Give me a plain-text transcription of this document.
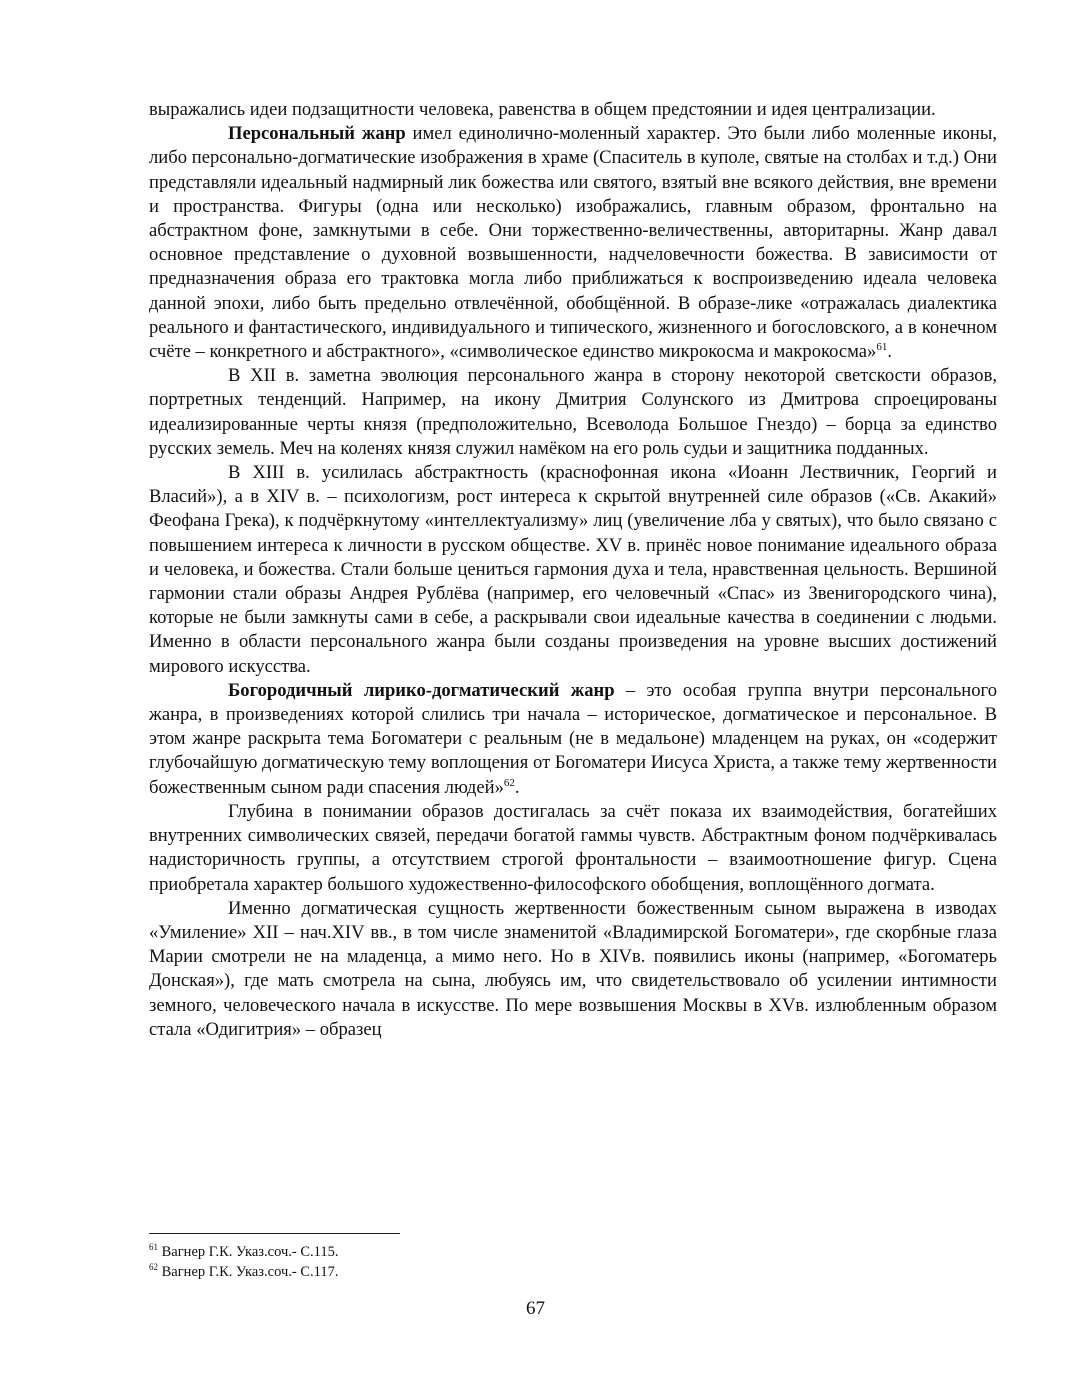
выражались идеи подзащитности человека, равенства в общем предстоянии и идея централизации.

Персональный жанр имел единолично-моленный характер. Это были либо моленные иконы, либо персонально-догматические изображения в храме (Спаситель в куполе, святые на столбах и т.д.) Они представляли идеальный надмирный лик божества или святого, взятый вне всякого действия, вне времени и пространства. Фигуры (одна или несколько) изображались, главным образом, фронтально на абстрактном фоне, замкнутыми в себе. Они торжественно-величественны, авторитарны. Жанр давал основное представление о духовной возвышенности, надчеловечности божества. В зависимости от предназначения образа его трактовка могла либо приближаться к воспроизведению идеала человека данной эпохи, либо быть предельно отвлечённой, обобщённой. В образе-лике «отражалась диалектика реального и фантастического, индивидуального и типического, жизненного и богословского, а в конечном счёте – конкретного и абстрактного», «символическое единство микрокосма и макрокосма»$^{61}$.

В XII в. заметна эволюция персонального жанра в сторону некоторой светскости образов, портретных тенденций. Например, на икону Дмитрия Солунского из Дмитрова спроецированы идеализированные черты князя (предположительно, Всеволода Большое Гнездо) – борца за единство русских земель. Меч на коленях князя служил намёком на его роль судьи и защитника подданных.

В XIII в. усилилась абстрактность (краснофонная икона «Иоанн Лествичник, Георгий и Власий»), а в XIV в. – психологизм, рост интереса к скрытой внутренней силе образов («Св. Акакий» Феофана Грека), к подчёркнутому «интеллектуализму» лиц (увеличение лба у святых), что было связано с повышением интереса к личности в русском обществе. XV в. принёс новое понимание идеального образа и человека, и божества. Стали больше цениться гармония духа и тела, нравственная цельность. Вершиной гармонии стали образы Андрея Рублёва (например, его человечный «Спас» из Звенигородского чина), которые не были замкнуты сами в себе, а раскрывали свои идеальные качества в соединении с людьми. Именно в области персонального жанра были созданы произведения на уровне высших достижений мирового искусства.

Богородичный лирико-догматический жанр – это особая группа внутри персонального жанра, в произведениях которой слились три начала – историческое, догматическое и персональное. В этом жанре раскрыта тема Богоматери с реальным (не в медальоне) младенцем на руках, он «содержит глубочайшую догматическую тему воплощения от Богоматери Иисуса Христа, а также тему жертвенности божественным сыном ради спасения людей»$^{62}$.

Глубина в понимании образов достигалась за счёт показа их взаимодействия, богатейших внутренних символических связей, передачи богатой гаммы чувств. Абстрактным фоном подчёркивалась надисторичность группы, а отсутствием строгой фронтальности – взаимоотношение фигур. Сцена приобретала характер большого художественно-философского обобщения, воплощённого догмата.

Именно догматическая сущность жертвенности божественным сыном выражена в изводах «Умиление» XII – нач.XIV вв., в том числе знаменитой «Владимирской Богоматери», где скорбные глаза Марии смотрели не на младенца, а мимо него. Но в XIVв. появились иконы (например, «Богоматерь Донская»), где мать смотрела на сына, любуясь им, что свидетельствовало об усилении интимности земного, человеческого начала в искусстве. По мере возвышения Москвы в XVв. излюбленным образом стала «Одигитрия» – образец

$^{61}$ Вагнер Г.К. Указ.соч.- С.115.
$^{62}$ Вагнер Г.К. Указ.соч.- С.117.
67
